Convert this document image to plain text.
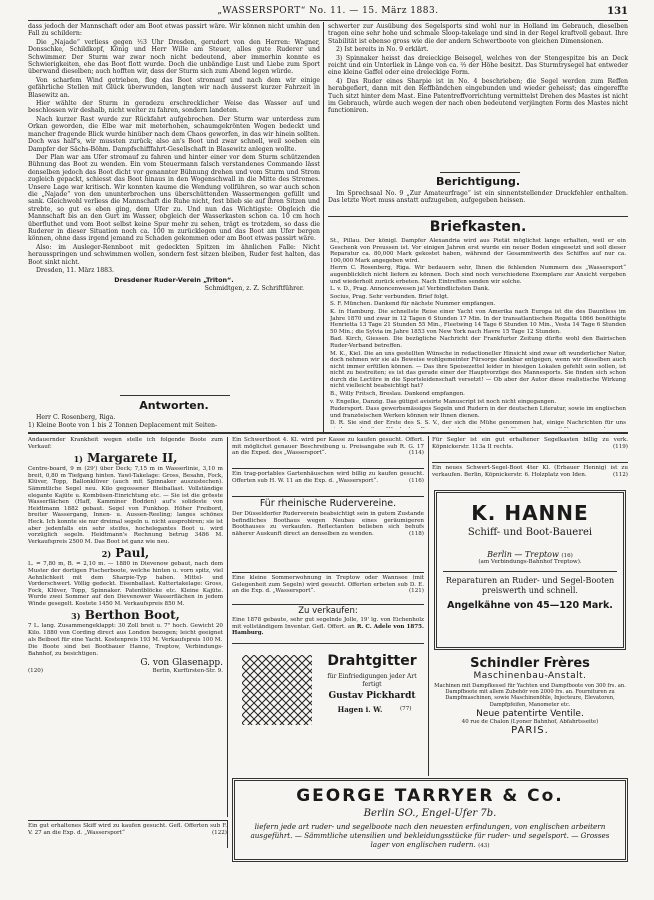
„WASSERSPORT“ No. 11. — 15. März 1883.	131

dass jedoch der Mannschaft oder am Boot etwas passirt wäre. Wir können nicht umhin den Fall zu schildern:

Die „Najade“ verliess gegen ½3 Uhr Dresden, gerudert von den Herren: Wagner, Donsschke, Schildkopf, König und Herr Wille am Steuer, alles gute Ruderer und Schwimmer. Der Sturm war zwar noch nicht bedeutend, aber immerhin konnte es Schwierigkeiten, ehe das Boot flott wurde. Doch die unbändige Lust und Liebe zum Sport überwand dieselben; auch hofften wir, dass der Sturm sich zum Abend legen würde.

Von scharfem Wind getrieben, flog das Boot stromauf und nach dem wir einige gefährliche Stellen mit Glück überwunden, langten wir nach äusserst kurzer Fahrzeit in Blasewitz an.

Hier wählte der Sturm in geradezu erschrecklicher Weise das Wasser auf und beschlossen wir deshalb, nicht weiter zu fahren, sondern landeten.

Nach kurzer Rast wurde zur Rückfahrt aufgebrochen. Der Sturm war unterdess zum Orkan geworden, die Elbe war mit meterhohen, schaumgekrönten Wogen bedeckt und mancher fragende Blick wurde hinüber nach dem Chaos geworfen, in das wir hinein sollten. Doch was half's, wir mussten zurück; also an's Boot und zwar schnell, weil soeben ein Dampfer der Sächs-Böhm. Dampfschifffahrt-Gesellschaft in Blasewitz anlegen wollte.

Der Plan war am Ufer stromauf zu fahren und hinter einer vor dem Sturm schützenden Bühnung das Boot zu wenden. Ein vom Steuermann falsch verstandenes Commando lässt denselben jedoch das Boot dicht vor genannter Bühnung drehen und vom Sturm und Strom zugleich gepackt, schiesst das Boot hinaus in den Wogenschwall in die Mitte des Stromes. Unsere Lage war kritisch. Wir konnten kaume die Wendung vollführen, so war auch schon die „Najade“ von den ununterbrochen uns überschüttenden Wassermengen gefüllt und sank. Gleichwohl verliess die Mannschaft die Ruhe nicht, fest blieb sie auf ihren Sitzen und strebte, so gut es eben ging, dem Ufer zu. Und nun das Wichtigste: Obgleich die Mannschaft bis an den Gurt im Wasser, obgleich der Wasserkasten schon ca. 10 cm hoch überfluthet und vom Boot selbst keine Spur mehr zu sehen, trägt es trotzdem, so dass die Ruderer in dieser Situation noch ca. 100 m zurücklegen und das Boot am Ufer bergen können, ohne dass irgend jemand zu Schaden gekommen oder am Boot etwas passirt wäre.

Also: im Ausleger-Rennboot mit gedeckten Spitzen im ähnlichen Falle: Nicht herausspringen und schwimmen wollen, sondern fest sitzen bleiben, Ruder fest halten, das Boot sinkt nicht.

Dresden, 11. März 1883.

Dresdener Ruder-Verein „Triton“.
Schmidtgen, z. Z. Schriftführer.
Antworten.

Herr C. Rosenberg, Riga.

1) Kleine Boote von 1 bis 2 Tonnen Deplacement mit Seiten-

schwerter zur Ausübung des Segelsports sind wohl nur in Holland im Gebrauch, dieselben tragen eine sehr hohe und schmale Sloop-takelage und sind in der Regel kraftvoll gebaut. Ihre Stabilität ist ebenso gross wie die der andern Schwertboote von gleichen Dimensionen.

2) Ist bereits in No. 9 erklärt.

3) Spinnaker heisst das dreieckige Beisegel, welches von der Stengespitze bis an Deck reicht und ein Unterliek in Länge von ca. ⅔ der Höhe besitzt. Das Sturmtrysegel hat entweder eine kleine Gaffel oder eine dreieckige Form.

4) Das Ruder eines Sharpie ist in No. 4 beschrieben; die Segel werden zum Reffen herabgefiert, dann mit den Reffbändchen eingebunden und wieder geheisst; das eingereffte Tuch sitzt hinter dem Mast. Eine Patentreffvorrichtung vermittelst Drehen des Mastes ist nicht im Gebrauch, würde auch wegen der nach oben bedeutend verjüngten Form des Mastes nicht functioniren.

Berichtigung.

Im Sprechsaal No. 9 „Zur Amateurfrage“ ist ein sinnentstellender Druckfehler enthalten. Das letzte Wort muss anstatt aufzugeben, aufgegeben heissen.

Briefkasten.

St., Pillau. Der königl. Dampfer Alexandria wird aus Pietät möglichst lange erhalten, weil er ein Geschenk von Preussen ist. Vor einigen Jahren erst wurde ein neuer Boden eingesetzt und soll dieser Reparatur ca. 80,000 Mark gekostet haben, während der Gesammtwerth des Schiffes auf nur ca. 100,000 Mark angegeben wird.

Herrn C. Rosenberg, Riga. Wir bedauern sehr, Ihnen die fehlenden Nummern des „Wassersport“ augenblicklich nicht liefern zu können. Doch sind noch verschiedene Exemplare zur Ansicht vergeben und wiederholt zurück erbeten. Nach Eintreffen senden wir solche.

L. v. D., Prag. Annoncenwesen ja! Verbindlichsten Dank.

Socius, Prag. Sehr verbunden. Brief folgt.

S. F. München. Dankend für nächste Nummer empfangen.

K. in Hamburg. Die schnellste Reise einer Yacht von Amerika nach Europa ist die des Dauntless im Jahre 1870 und zwar in 12 Tagen 6 Stunden 17 Min. In der transatlantischen Regatta 1866 benöthigte Henrietta 13 Tage 21 Stunden 55 Min., Fleetwing 14 Tage 6 Stunden 10 Min., Vesta 14 Tage 6 Stunden 50 Min.; die Sylvia im Jahre 1853 von New York nach Havre 15 Tage 12 Stunden.

Bad. Kirch, Giessen. Die bezügliche Nachricht der Frankfurter Zeitung dürfte wohl den Bairischen Ruder-Verband betreffen.

M. K., Kiel. Die an uns gestellten Wünsche in redactioneller Hinsicht sind zwar oft wunderlicher Natur, doch nehmen wir sie als Beweise wohlgemeinter Fürsorge dankbar entgegen, wenn wir dieselben auch nicht immer erfüllen können. — Das ihre Speisezettel leider in hiesigen Lokalen gefehlt sein sollen, ist nicht zu bestreiten; es ist das gerade einer der Hauptvorzüge des Mannesports. Sie finden sich schon durch die Lectüre in die Sportsleidenschaft versetzt! — Ob aber der Autor diese realistische Wirkung nicht vielleicht beabsichtigt hat?

B., Willy Fritsch, Breslau. Dankend empfangen.

v. Engelke, Danzig. Das gütigst avisirte Manuscript ist noch nicht eingegangen.

Rudersport. Dass gewerbsmässiges Segeln und Rudern in der deutschen Literatur, sowie im englischen und französischen Werken können wir Ihnen dienen.

D. R. Sie sind der Erste des S. S. V., der sich die Mühe genommen hat, einige Nachrichten für uns

Andauernder Krankheit wegen stelle ich folgende Boote zum Verkauf:

1) Margarete II,

Centre-board, 9 m (29') über Deck; 7,15 m in Wasserlinie, 3,10 m breit, 0,80 m Tiefgang hinten. Yawl-Takelage: Gross, Besahn, Fock, Klüver, Topp, Ballonklüver (auch mit Spinnaker auszustechen). Sämmtliche Segel neu. Kilo gegossener Bleiballast. Vollständige elegante Kajüte u. Kombüsen-Einrichtung etc. — Sie ist die grösste Wasserflächen (Haff, Kamminer Bodden) auf's solideste von Heidtmann 1882 gebaut. Segel von Funkhop. Höher Freibord, breiter Wassergang, Innen- u. Aussen-Reeling; langes schönes Heck. Ich konnte sie nur dreimal segeln u. nicht ausprobiren; sie ist aber jedenfalls ein sehr steifes, hochelegantes Boot u. wird vorzüglich segeln. Heidtmann's Rechnung betrug 3486 M. Verkaufspreis 2500 M. Das Boot ist ganz wie neu.

2) Paul,

L. = 7,80 m, B. = 2,10 m. — 1880 in Dievenow gebaut, nach dem Muster der dortigen Fischerboote, welche hinten u. vorn spitz, viel Aehnlichkeit mit dem Sharpie-Typ haben. Mittel- und Vorderschwert. Völlig gedeckt. Eisenballast. Kuttertakelage: Gross, Fock, Klüver, Topp, Spinnaker. Patentblöcke etc. Kleine Kajüte. Wurde zwei Sommer auf den Dievenower Wasserflächen in jedem Winde gesegelt. Kostete 1450 M. Verkaufspreis 850 M.

3) Berthon Boot,

7 L. lang. Zusammengeklappt: 30 Zoll breit u. 7" hoch. Gewicht 20 Kilo. 1880 von Cording direct aus London bezogen; leicht geeignet als Beiboot für eine Yacht. Kostenpreis 193 M. Verkaufspreis 100 M.

Die Boote sind bei Bootbauer Hanne, Treptow, Verbindungs-Bahnhof, zu besichtigen.

G. von Glasenapp.
(120)	Berlin, Kurfürsten-Str. 9.
Ein gut erhaltenes Skiff wird zu kaufen gesucht. Gefl. Offerten sub F. V. 27 an die Exp. d. „Wassersport“	(122)
Ein Schwertboot 4. Kl. wird per Kasse zu kaufen gesucht. Offert. mit möglichst genauer Beschreibung u. Preisangabe sub R. G. 17 an die Exped. des „Wassersport“.	(114)
Ein trag-portables Gartenhäuschen wird billig zu kaufen gesucht. Offerten sub H. W. 11 an die Exp. d. „Wassersport“.	(116)
Für rheinische Rudervereine.
Der Düsseldorfer Ruderverein beabsichtigt sein in gutem Zustande befindliches Boothaus wegen Neubau eines geräumigeren Boothauses zu verkaufen. Reflectanten belieben sich behufs näherer Auskunft direct an denselben zu wenden.	(118)
Eine kleine Sommerwohnung in Treptow oder Wannsee (mit Gelegenheit zum Segeln) wird gesucht. Offerten erbeten sub D. E. an die Exp. d. „Wassersport“.	(121)
Zu verkaufen:
Eine 1878 gebaute, sehr gut segelnde Jolle, 19' lg. von Eichenholz mit vollständigem Inventar. Gefl. Offert. an R. C. Adele von 1875. Hamburg.
Drahtgitter
für Einfriedigungen jeder Art
fertigt
Gustav Pickhardt
Hagen i. W.	(77)
Für Segler ist ein gut erhaltener Segelkasten billig zu verk. Köpnickerstr. 113a II rechts.	(119)
Ein neues Schwert-Segel-Boot 4ter Kl. (Erbauer Hennig) ist zu verkaufen. Berlin, Köpnickerstr. 6. Holzplatz von Iden.	(112)
K. HANNE
Schiff- und Boot-Bauerei
Berlin — Treptow (16)
(am Verbindungs-Bahnhof Treptow).
Reparaturen an Ruder- und Segel-Booten preiswerth und schnell.
Angelkähne von 45—120 Mark.
Schindler Frères
Maschinenbau-Anstalt.
Machinen mit Dampfkessel für Yachten und Dampfboote von 300 frs. an. Dampfboote mit allem Zubehör von 2000 frs. an. Fournituren zu Dampfmaschinen, sowie Maschinenöhle, Injecteure, Elevatoren, Dampfpfeifen, Manometer etc.
Neue patentirte Ventile.
40 rue de Chalon (Lyoner Bahnhof, Abfahrtsseite)
PARIS.
GEORGE TARRYER & Co.
Berlin SO., Engel-Ufer 7b.
liefern jede art ruder- und segelboote nach den neuesten erfindungen, von englischen arbeitern ausgeführt. — Sämmtliche utensilien und bekleidungsstücke für ruder- und segelsport. — Grosses lager von englischen rudern. (43)
